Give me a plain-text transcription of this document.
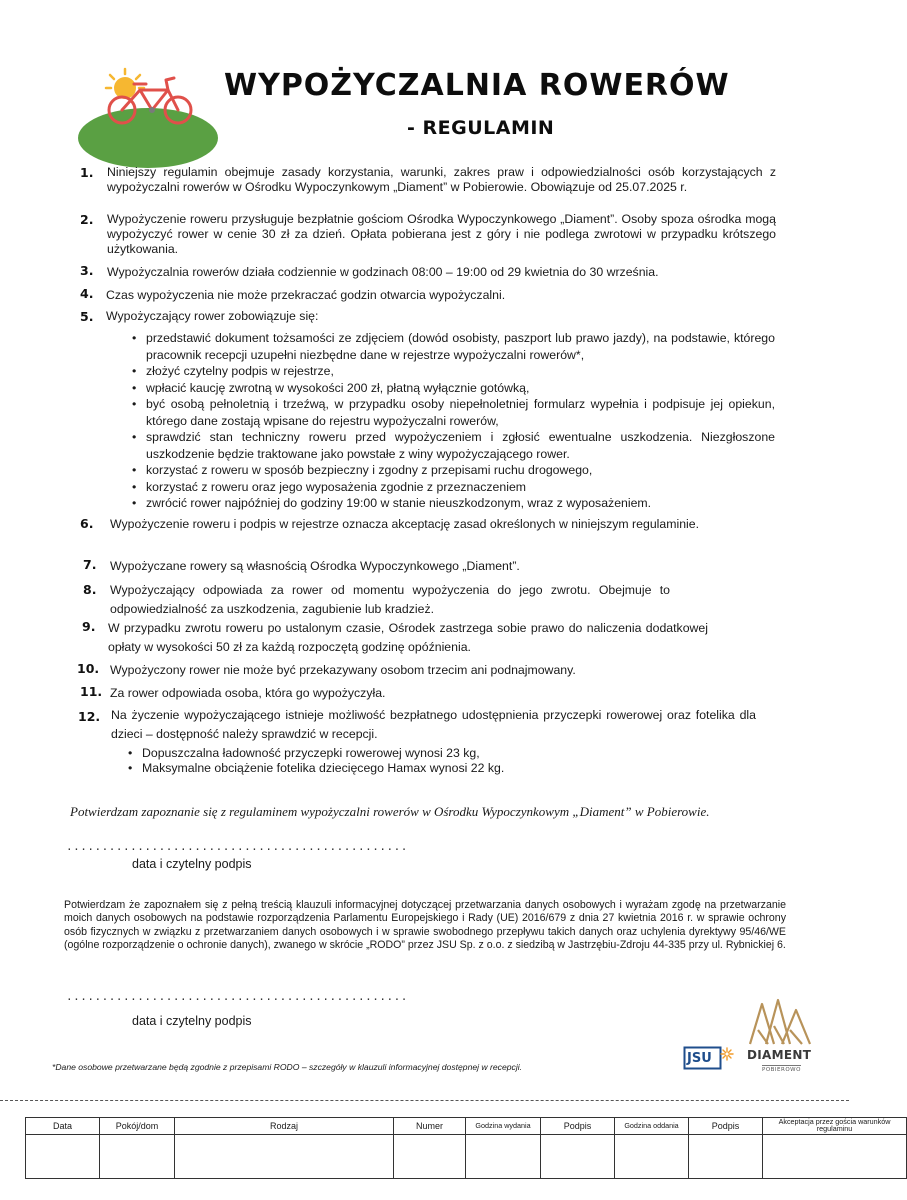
WYPOŻYCZALNIA ROWERÓW
- REGULAMIN
1. Niniejszy regulamin obejmuje zasady korzystania, warunki, zakres praw i odpowiedzialności osób korzystających z wypożyczalni rowerów w Ośrodku Wypoczynkowym „Diament” w Pobierowie. Obowiązuje od 25.07.2025 r.
2. Wypożyczenie roweru przysługuje bezpłatnie gościom Ośrodka Wypoczynkowego „Diament”. Osoby spoza ośrodka mogą wypożyczyć rower w cenie 30 zł za dzień. Opłata pobierana jest z góry i nie podlega zwrotowi w przypadku krótszego użytkowania.
3. Wypożyczalnia rowerów działa codziennie w godzinach 08:00 – 19:00 od 29 kwietnia do 30 września.
4. Czas wypożyczenia nie może przekraczać godzin otwarcia wypożyczalni.
5. Wypożyczający rower zobowiązuje się:
• przedstawić dokument tożsamości ze zdjęciem (dowód osobisty, paszport lub prawo jazdy), na podstawie, którego pracownik recepcji uzupełni niezbędne dane w rejestrze wypożyczalni rowerów*,
• złożyć czytelny podpis w rejestrze,
• wpłacić kaucję zwrotną w wysokości 200 zł, płatną wyłącznie gotówką,
• być osobą pełnoletnią i trzeźwą, w przypadku osoby niepełnoletniej formularz wypełnia i podpisuje jej opiekun, którego dane zostają wpisane do rejestru wypożyczalni rowerów,
• sprawdzić stan techniczny roweru przed wypożyczeniem i zgłosić ewentualne uszkodzenia. Niezgłoszone uszkodzenie będzie traktowane jako powstałe z winy wypożyczającego rower.
• korzystać z roweru w sposób bezpieczny i zgodny z przepisami ruchu drogowego,
• korzystać z roweru oraz jego wyposażenia zgodnie z przeznaczeniem
• zwrócić rower najpóźniej do godziny 19:00 w stanie nieuszkodzonym, wraz z wyposażeniem.
6. Wypożyczenie roweru i podpis w rejestrze oznacza akceptację zasad określonych w niniejszym regulaminie.
7. Wypożyczane rowery są własnością Ośrodka Wypoczynkowego „Diament”.
8. Wypożyczający odpowiada za rower od momentu wypożyczenia do jego zwrotu. Obejmuje to odpowiedzialność za uszkodzenia, zagubienie lub kradzież.
9. W przypadku zwrotu roweru po ustalonym czasie, Ośrodek zastrzega sobie prawo do naliczenia dodatkowej opłaty w wysokości 50 zł za każdą rozpoczętą godzinę opóźnienia.
10. Wypożyczony rower nie może być przekazywany osobom trzecim ani podnajmowany.
11. Za rower odpowiada osoba, która go wypożyczyła.
12. Na życzenie wypożyczającego istnieje możliwość bezpłatnego udostępnienia przyczepki rowerowej oraz fotelika dla dzieci – dostępność należy sprawdzić w recepcji.
• Dopuszczalna ładowność przyczepki rowerowej wynosi 23 kg,
• Maksymalne obciążenie fotelika dziecięcego Hamax wynosi 22 kg.
Potwierdzam zapoznanie się z regulaminem wypożyczalni rowerów w Ośrodku Wypoczynkowym „Diament” w Pobierowie.
................................................
data i czytelny podpis
Potwierdzam że zapoznałem się z pełną treścią klauzuli informacyjnej dotyczącej przetwarzania danych osobowych i wyrażam zgodę na przetwarzanie moich danych osobowych na podstawie rozporządzenia Parlamentu Europejskiego i Rady (UE) 2016/679 z dnia 27 kwietnia 2016 r. w sprawie ochrony osób fizycznych w związku z przetwarzaniem danych osobowych i w sprawie swobodnego przepływu takich danych oraz uchylenia dyrektywy 95/46/WE (ogólne rozporządzenie o ochronie danych), zwanego w skrócie „RODO” przez JSU Sp. z o.o. z siedzibą w Jastrzębiu-Zdroju 44-335 przy ul. Rybnickiej 6.
................................................
data i czytelny podpis
*Dane osobowe przetwarzane będą zgodnie z przepisami RODO – szczegóły w klauzuli informacyjnej dostępnej w recepcji.
JSU	DIAMENT
POBIEROWO
Data	Pokój/dom	Rodzaj	Numer	Godzina wydania	Podpis	Godzina oddania	Podpis	Akceptacja przez gościa warunków regulaminu
